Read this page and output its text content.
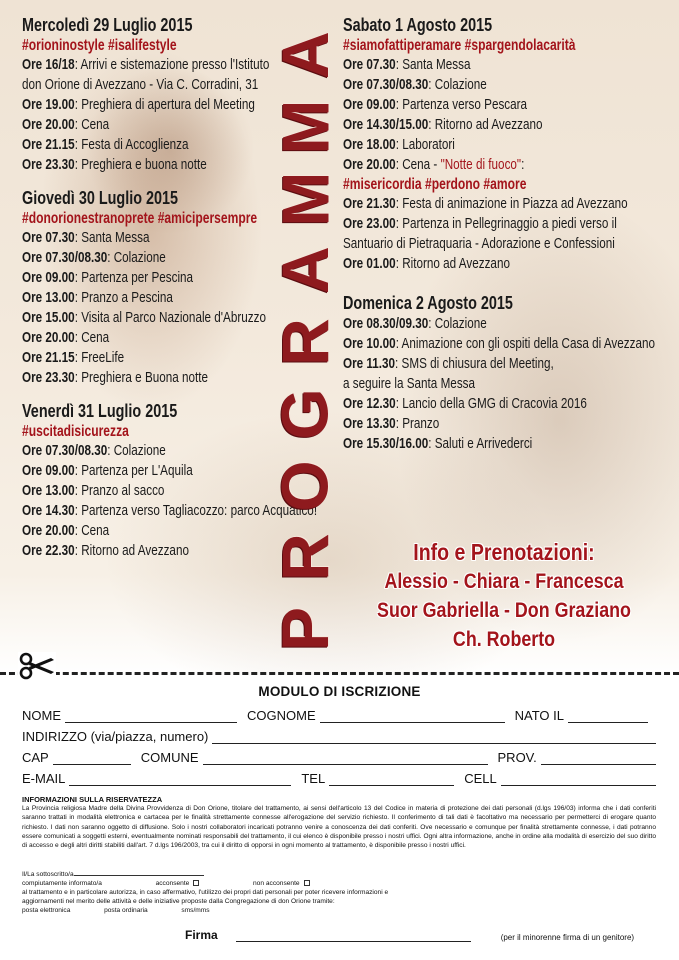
Mercoledì 29 Luglio 2015
#orioninostyle #isalifestyle
Ore 16/18: Arrivi e sistemazione presso l'Istituto
don Orione di Avezzano - Via C. Corradini, 31
Ore 19.00: Preghiera di apertura del Meeting
Ore 20.00: Cena
Ore 21.15: Festa di Accoglienza
Ore 23.30: Preghiera e buona notte
Giovedì 30 Luglio 2015
#donorionestranoprete #amicipersempre
Ore 07.30: Santa Messa
Ore 07.30/08.30: Colazione
Ore 09.00: Partenza per Pescina
Ore 13.00: Pranzo a Pescina
Ore 15.00: Visita al Parco Nazionale d'Abruzzo
Ore 20.00: Cena
Ore 21.15: FreeLife
Ore 23.30: Preghiera e Buona notte
Venerdì 31 Luglio 2015
#uscitadisicurezza
Ore 07.30/08.30: Colazione
Ore 09.00: Partenza per L'Aquila
Ore 13.00: Pranzo al sacco
Ore 14.30: Partenza verso Tagliacozzo: parco Acquatico!
Ore 20.00: Cena
Ore 22.30: Ritorno ad Avezzano
A
M
M
A
R
G
O
R
P
Sabato 1 Agosto 2015
#siamofattiperamare #spargendolacarità
Ore 07.30: Santa Messa
Ore 07.30/08.30: Colazione
Ore 09.00: Partenza verso Pescara
Ore 14.30/15.00: Ritorno ad Avezzano
Ore 18.00: Laboratori
Ore 20.00: Cena - "Notte di fuoco":
#misericordia #perdono #amore
Ore 21.30: Festa di animazione in Piazza ad Avezzano
Ore 23.00: Partenza in Pellegrinaggio a piedi verso il
Santuario di Pietraquaria - Adorazione e Confessioni
Ore 01.00: Ritorno ad Avezzano
Domenica 2 Agosto 2015
Ore 08.30/09.30: Colazione
Ore 10.00: Animazione con gli ospiti della Casa di Avezzano
Ore 11.30: SMS di chiusura del Meeting,
a seguire la Santa Messa
Ore 12.30: Lancio della GMG di Cracovia 2016
Ore 13.30: Pranzo
Ore 15.30/16.00: Saluti e Arrivederci
Info e Prenotazioni:
Alessio - Chiara - Francesca
Suor Gabriella - Don Graziano
Ch. Roberto
MODULO DI ISCRIZIONE
NOME	COGNOME	NATO IL
INDIRIZZO (via/piazza, numero)
CAP	COMUNE	PROV.
E-MAIL	TEL	CELL
INFORMAZIONI SULLA RISERVATEZZA
La Provincia religiosa Madre della Divina Provvidenza di Don Orione, titolare del trattamento, ai sensi dell'articolo 13 del Codice in materia di protezione dei dati personali (d.lgs 196/03) informa che i dati conferiti saranno trattati in modalità elettronica e cartacea per le finalità strettamente connesse all'erogazione del servizio richiesto. Il conferimento di tali dati è facoltativo ma necessario per permetterci di erogare quanto richiesto. I dati non saranno oggetto di diffusione. Solo i nostri collaboratori incaricati potranno venire a conoscenza dei dati conferiti. Ove necessario e comunque per finalità strettamente connesse, i dati potranno essere comunicati a soggetti esterni, eventualmente nominati responsabili del trattamento, il cui elenco è disponibile presso i nostri uffici. Ogni altra informazione, anche in ordine alla modalità di esercizio del suo diritto di accesso e degli altri diritti stabiliti dall'art. 7 d.lgs 196/2003, tra cui il diritto di opporsi in ogni momento al trattamento, è disponibile presso i nostri uffici.
Il/La sottoscritto/a
compiutamente informato/a	acconsente	non acconsente
al trattamento e in particolare autorizza, in caso affermativo, l'utilizzo dei propri dati personali per poter ricevere informazioni e
aggiornamenti nel merito delle attività e delle iniziative proposte dalla Congregazione di don Orione tramite:
posta elettronica	posta ordinaria	sms/mms
Firma	(per il minorenne firma di un genitore)
